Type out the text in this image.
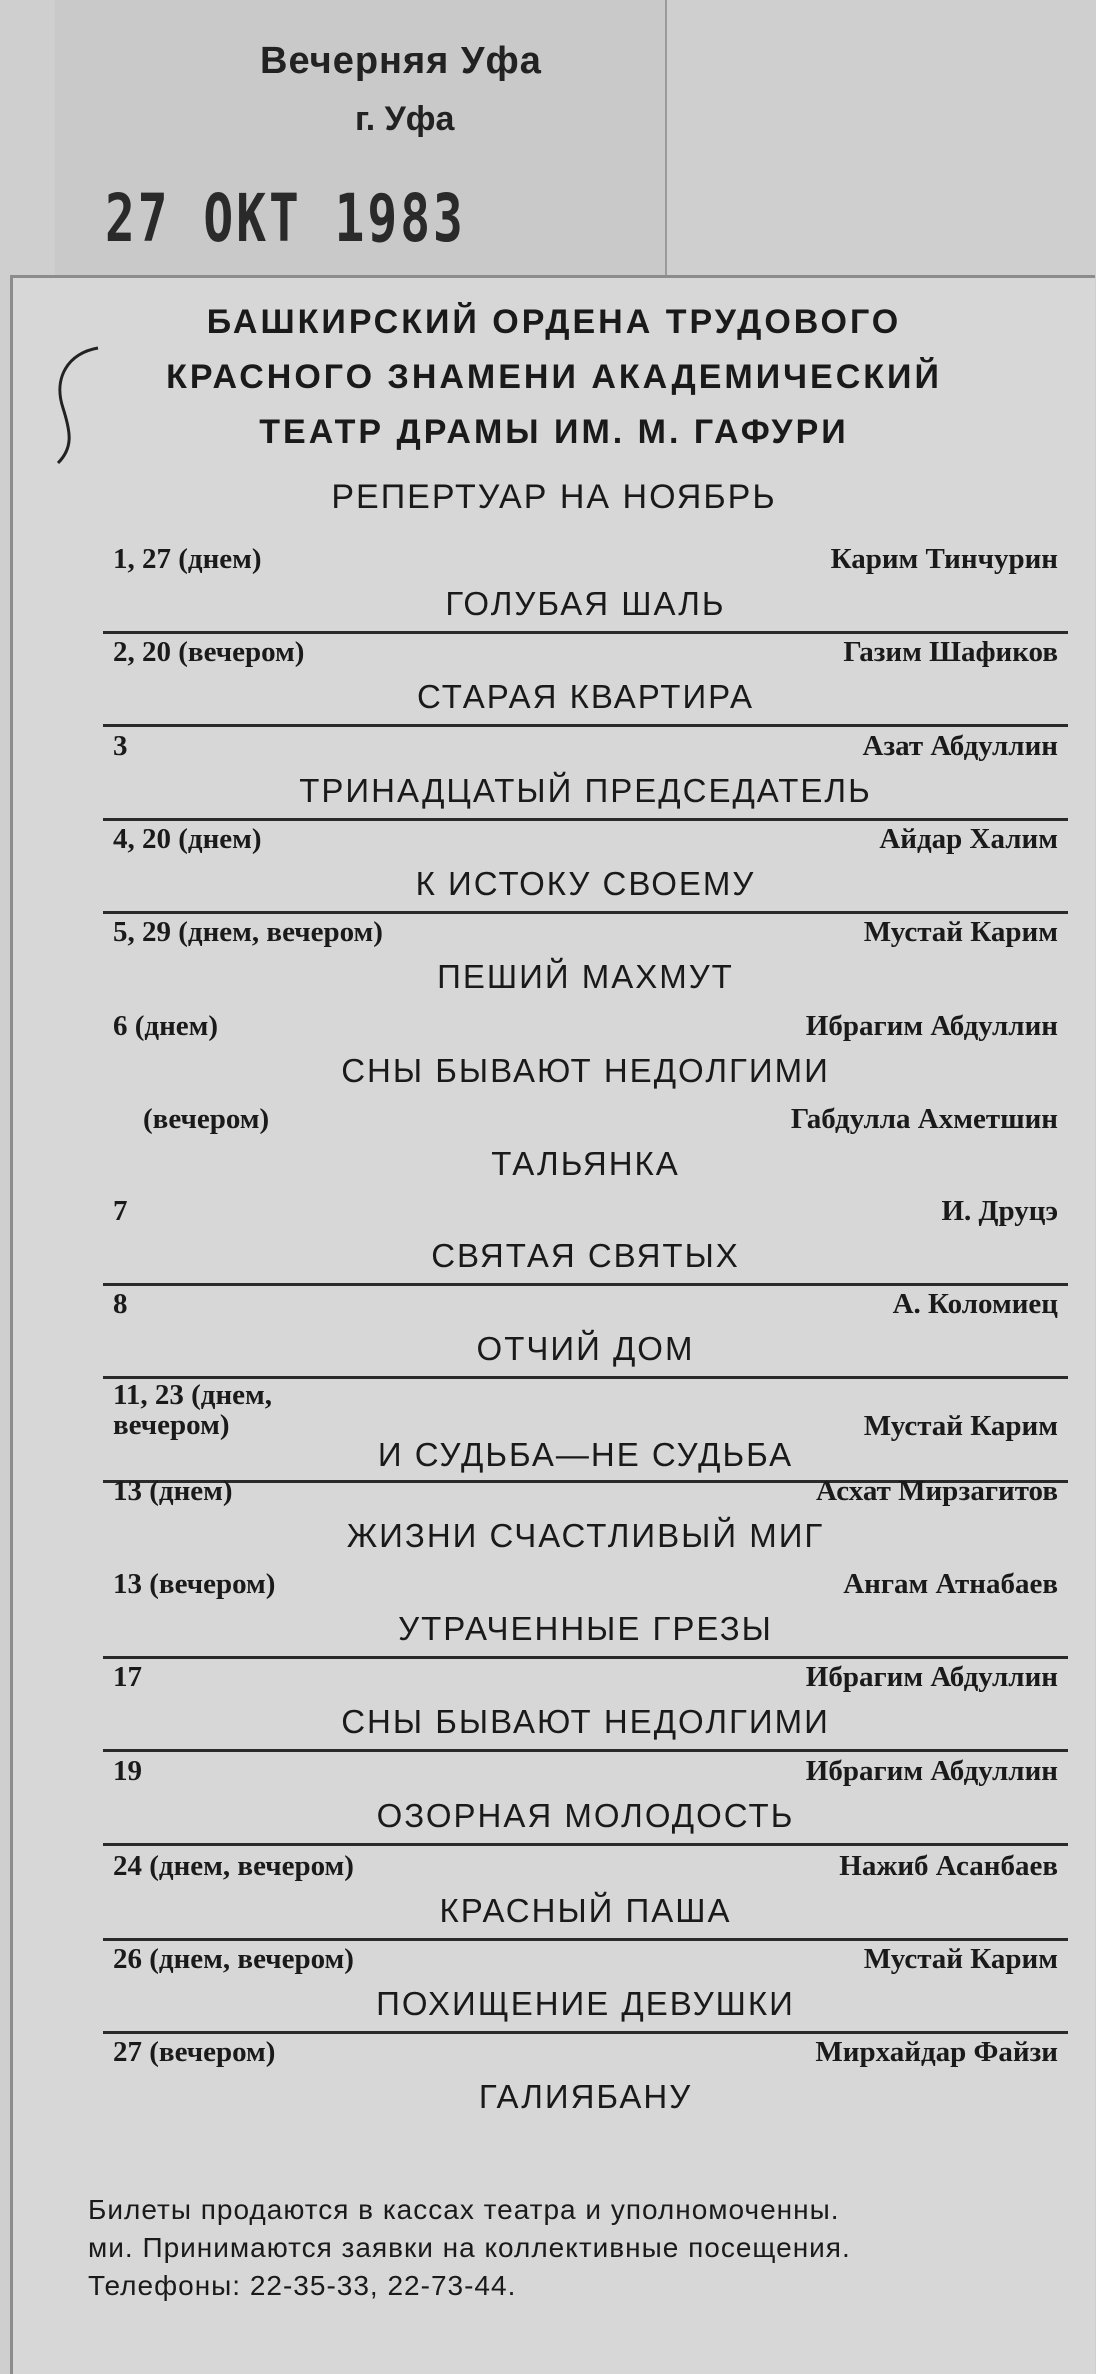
Вечерняя Уфа
г. Уфа
27 ОКТ 1983
БАШКИРСКИЙ ОРДЕНА ТРУДОВОГО
КРАСНОГО ЗНАМЕНИ АКАДЕМИЧЕСКИЙ
ТЕАТР ДРАМЫ ИМ. М. ГАФУРИ
РЕПЕРТУАР НА НОЯБРЬ
1, 27 (днем)	Карим Тинчурин
ГОЛУБАЯ ШАЛЬ
2, 20 (вечером)	Газим Шафиков
СТАРАЯ КВАРТИРА
3	Азат Абдуллин
ТРИНАДЦАТЫЙ ПРЕДСЕДАТЕЛЬ
4, 20 (днем)	Айдар Халим
К ИСТОКУ СВОЕМУ
5, 29 (днем, вечером)	Мустай Карим
ПЕШИЙ МАХМУТ
6 (днем)	Ибрагим Абдуллин
СНЫ БЫВАЮТ НЕДОЛГИМИ
(вечером)	Габдулла Ахметшин
ТАЛЬЯНКА
7	И. Друцэ
СВЯТАЯ СВЯТЫХ
8	А. Коломиец
ОТЧИЙ ДОМ
11, 23 (днем, вечером)	Мустай Карим
И СУДЬБА—НЕ СУДЬБА
13 (днем)	Асхат Мирзагитов
ЖИЗНИ СЧАСТЛИВЫЙ МИГ
13 (вечером)	Ангам Атнабаев
УТРАЧЕННЫЕ ГРЕЗЫ
17	Ибрагим Абдуллин
СНЫ БЫВАЮТ НЕДОЛГИМИ
19	Ибрагим Абдуллин
ОЗОРНАЯ МОЛОДОСТЬ
24 (днем, вечером)	Нажиб Асанбаев
КРАСНЫЙ ПАША
26 (днем, вечером)	Мустай Карим
ПОХИЩЕНИЕ ДЕВУШКИ
27 (вечером)	Мирхайдар Файзи
ГАЛИЯБАНУ
Билеты продаются в кассах театра и уполномоченны.
ми. Принимаются заявки на коллективные посещения.
Телефоны: 22-35-33, 22-73-44.
